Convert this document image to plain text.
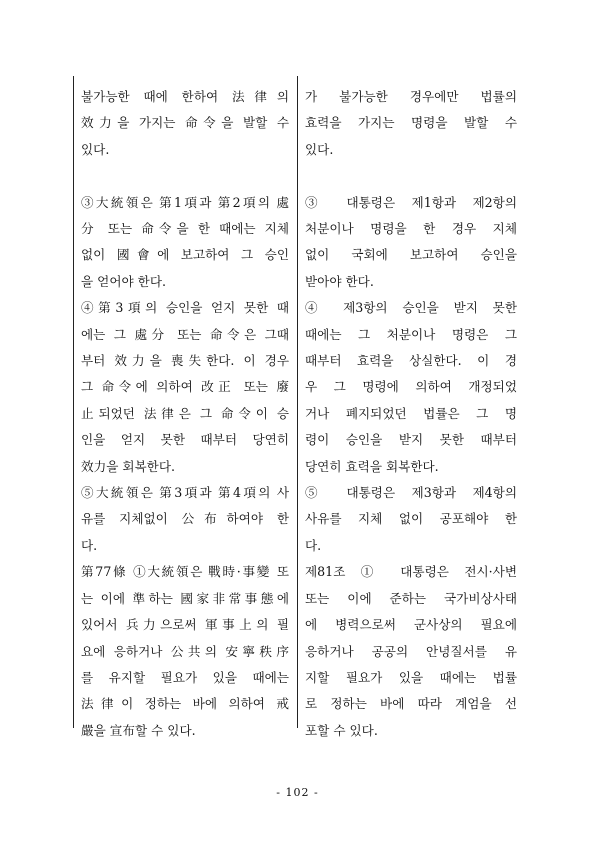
불가능한 때에 한하여 法律의

效力을 가지는 命令을 발할 수

있다.

③大統領은 第1項과 第2項의 處

分 또는 命令을 한 때에는 지체

없이 國會에 보고하여 그 승인

을 얻어야 한다.

④第3項의 승인을 얻지 못한 때

에는 그 處分 또는 命令은 그때

부터 效力을 喪失한다. 이 경우

그 命令에 의하여 改正 또는 廢

止되었던 法律은 그 命令이 승

인을 얻지 못한 때부터 당연히

效力을 회복한다.

⑤大統領은 第3項과 第4項의 사

유를 지체없이 公布하여야 한

다.

第77條 ①大統領은 戰時·事變 또

는 이에 準하는 國家非常事態에

있어서 兵力으로써 軍事上의 필

요에 응하거나 公共의 安寧秩序

를 유지할 필요가 있을 때에는

法律이 정하는 바에 의하여 戒

嚴을 宣布할 수 있다.

가 불가능한 경우에만 법률의

효력을 가지는 명령을 발할 수

있다.

③ 대통령은 제1항과 제2항의

처분이나 명령을 한 경우 지체

없이 국회에 보고하여 승인을

받아야 한다.

④ 제3항의 승인을 받지 못한

때에는 그 처분이나 명령은 그

때부터 효력을 상실한다. 이 경

우 그 명령에 의하여 개정되었

거나 폐지되었던 법률은 그 명

령이 승인을 받지 못한 때부터

당연히 효력을 회복한다.

⑤ 대통령은 제3항과 제4항의

사유를 지체 없이 공포해야 한

다.

제81조 ① 대통령은 전시·사변

또는 이에 준하는 국가비상사태

에 병력으로써 군사상의 필요에

응하거나 공공의 안녕질서를 유

지할 필요가 있을 때에는 법률

로 정하는 바에 따라 계엄을 선

포할 수 있다.

- 102 -
